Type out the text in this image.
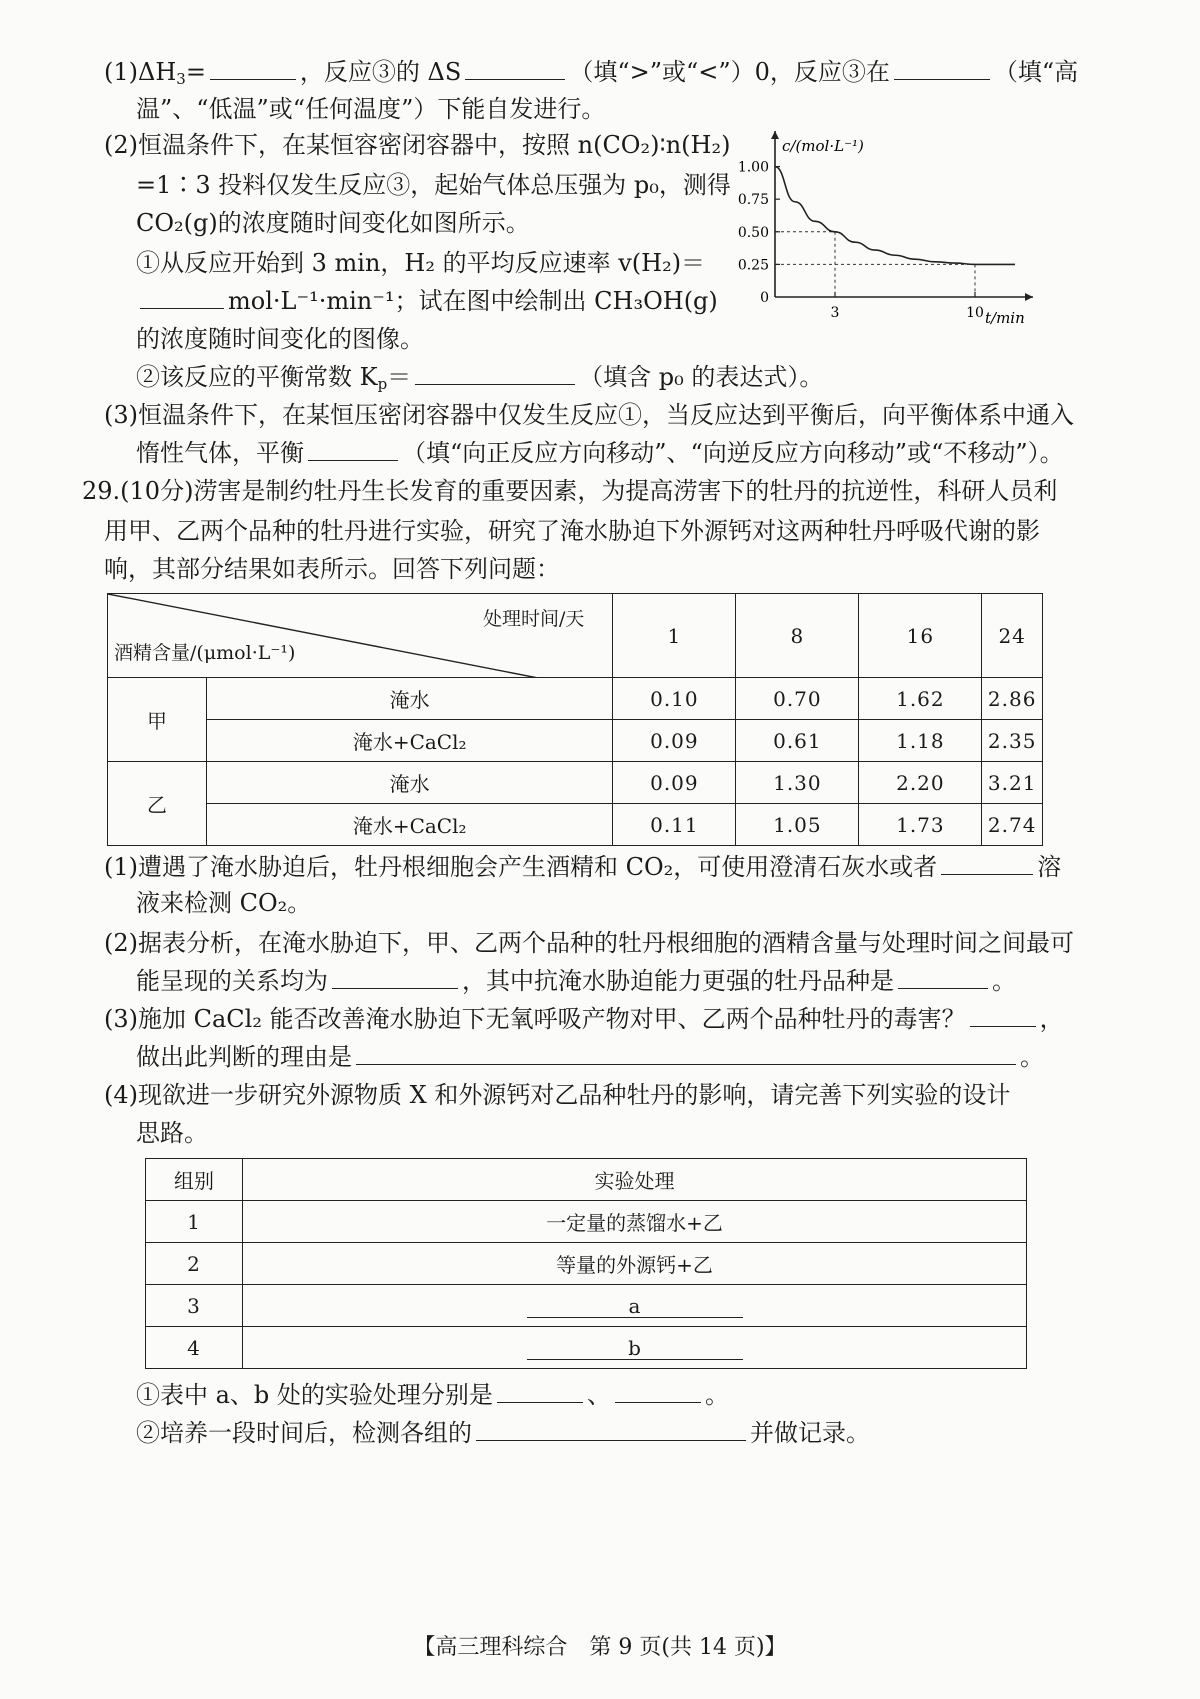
$(1)\Delta H_3=$	，反应③的 ΔS	（填“>”或“<”）0，反应③在	（填“高
温”、“低温”或“任何温度”）下能自发进行。
(2)恒温条件下，在某恒容密闭容器中，按照 n(CO₂)∶n(H₂)
=1∶3 投料仅发生反应③，起始气体总压强为 p₀，测得
CO₂(g)的浓度随时间变化如图所示。
①从反应开始到 3 min，H₂ 的平均反应速率 v(H₂)＝
mol·L⁻¹·min⁻¹；试在图中绘制出 CH₃OH(g)
的浓度随时间变化的图像。
②该反应的平衡常数 $K_p=$	（填含 p₀ 的表达式）。
1.00
0.75
0.50
0.25
0
3	10
c/(mol·L⁻¹)
t/min
(3)恒温条件下，在某恒压密闭容器中仅发生反应①，当反应达到平衡后，向平衡体系中通入
惰性气体，平衡	（填“向正反应方向移动”、“向逆反应方向移动”或“不移动”）。
29.(10分)涝害是制约牡丹生长发育的重要因素，为提高涝害下的牡丹的抗逆性，科研人员利
用甲、乙两个品种的牡丹进行实验，研究了淹水胁迫下外源钙对这两种牡丹呼吸代谢的影
响，其部分结果如表所示。回答下列问题：
处理时间/天
酒精含量/(μmol·L⁻¹)		1	8	16	24
甲	淹水	0.10	0.70	1.62	2.86
	淹水+CaCl₂	0.09	0.61	1.18	2.35
乙	淹水	0.09	1.30	2.20	3.21
	淹水+CaCl₂	0.11	1.05	1.73	2.74
(1)遭遇了淹水胁迫后，牡丹根细胞会产生酒精和 CO₂，可使用澄清石灰水或者	溶
液来检测 CO₂。
(2)据表分析，在淹水胁迫下，甲、乙两个品种的牡丹根细胞的酒精含量与处理时间之间最可
能呈现的关系均为	，其中抗淹水胁迫能力更强的牡丹品种是	。
(3)施加 CaCl₂ 能否改善淹水胁迫下无氧呼吸产物对甲、乙两个品种牡丹的毒害？	，
做出此判断的理由是	。
(4)现欲进一步研究外源物质 X 和外源钙对乙品种牡丹的影响，请完善下列实验的设计
思路。
组别	实验处理
1	一定量的蒸馏水+乙
2	等量的外源钙+乙
3	a
4	b
①表中 a、b 处的实验处理分别是	、	。
②培养一段时间后，检测各组的	并做记录。
【高三理科综合　第 9 页(共 14 页)】
